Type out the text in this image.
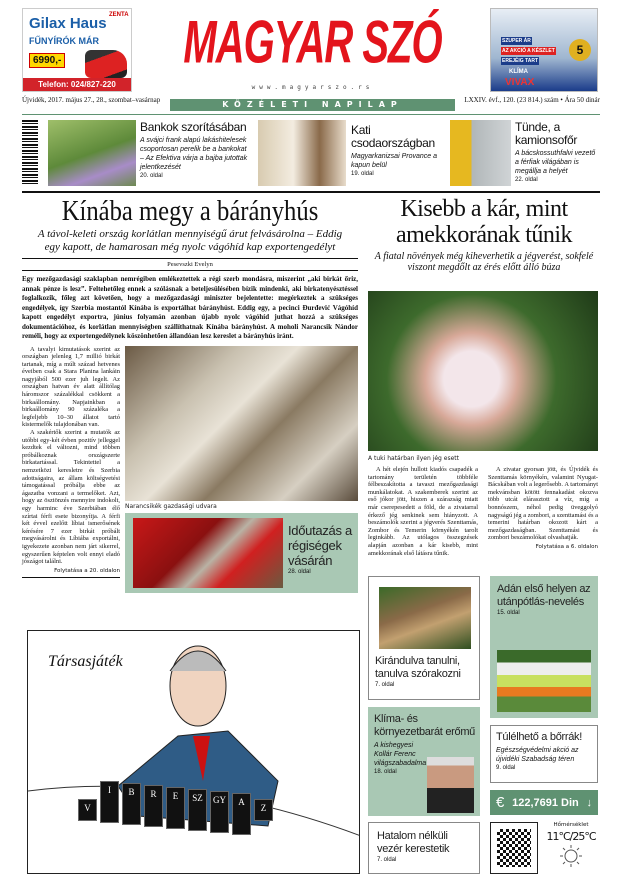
Gilax Haus ZENTA
FŰNYÍRÓK MÁR
6990,-
Telefon: 024/827-220
MAGYAR SZÓ
www.magyarszo.rs
SZUPER ÁR
AZ AKCIÓ A KÉSZLET
EREJÉIG TART
5
KLÍMA
VIVAX
Újvidék, 2017. május 27., 28., szombat–vasárnap	KÖZÉLETI NAPILAP	LXXIV. évf., 120. (23 814.) szám • Ára 50 dinár
Bankok szorításában
A svájci frank alapú lakáshitelesek csoportosan perelik be a bankokat – Az Efektiva várja a bajba jutottak jelentkezését
20. oldal
Kati csodaországban
Magyarkanizsai Provance a kapun belül
19. oldal
Tünde, a kamionsofőr
A bácskossuthfalvi vezető a férfiak világában is megállja a helyét
22. oldal
Kínába megy a bárányhús
A távol-keleti ország korlátlan mennyiségű árut felvásárolna – Eddig egy kapott, de hamarosan még nyolc vágóhíd kap exportengedélyt
Pesevszki Evelyn
Egy mezőgazdasági szaklapban nemrégiben emlékeztettek a régi szerb mondásra, miszerint „aki birkát őriz, annak pénze is lesz”. Feltehetőleg ennek a szólásnak a beteljesülésében bízik mindenki, aki birkatenyésztéssel foglalkozik, főleg azt követően, hogy a mezőgazdasági miniszter bejelentette: megérkeztek a szükséges engedélyek, így Szerbia mostantól Kínába is exportálhat bárányhúst. Eddig egy, a pecinci Đurđević Vágóhíd kapott engedélyt exportra, június folyamán azonban újabb nyolc vágóhíd juthat hozzá a szükséges dokumentációhoz, és korlátlan mennyiségben szállíthatnak Kínába bárányhúst. A moholi Narancsik Nándor reméli, hogy az exportengedélynek köszönhetően állandóan lesz kereslet a bárányhús iránt.

A tavalyi kimutatások szerint az országban jelenleg 1,7 millió birkát tartanak, míg a múlt század hetvenes éveiben csak a Stara Planina lankáin nagyjából 500 ezer juh legelt. Az országban hatvan év alatt állítólag háromszor százalékkal csökkent a birkaállomány. Napjainkban a birkaállomány 90 százaléka a legfeljebb 10–30 állatot tartó kistermelők tulajdonában van.

A szakértők szerint a mutatók az utóbbi egy-két évben pozitív jelleggel kezdtek el változni, mind többen próbálkoznak országszerte birkatartással. Tekintettel a nemzetközi keresletre és Szerbia adottságaira, az állam költségvetési támogatással próbálja ebbe az ágazatba vonzani a termelőket. Azt, hogy az ösztönzés mennyire indokolt, egy harminc éve Szerbiában élő szírtai férfi esete bizonyítja. A férfi két évvel ezelőtt líbiai ismerősének kérésére 7 ezer birkát próbált megvásárolni és Líbiába exportálni, igyekezete azonban nem járt sikerrel, egyszerűen képtelen volt ennyi eladó jószágot találni.

Folytatása a 20. oldalon
Narancsikék gazdasági udvara
Időutazás a régiségek vásárán
28. oldal
Társasjáték
V
I	B	R	E	SZ	GY	A
Z
Kisebb a kár, mint amekkorának tűnik
A fiatal növények még kiheverhetik a jégverést, sokfelé viszont megdőlt az érés előtt álló búza
A tuki határban ilyen jég esett

A hét elején hullott kiadós csapadék a tartomány területén többféle félbeszakította a tavaszi mezőgazdasági munkálatokat. A szakemberek szerint az eső jókor jött, hiszen a szárazság miatt már cserepesedett a föld, de a zivatarral érkező jég senkinek sem hiányzott. A beszámolók szerint a jégverés Szenttamás, Zombor és Temerin környékén tarolt leginkább. Az utólagos összegzések alapján azonban a kár kisebb, mint amekkorának első látásra tűnik.

A zivatar gyorsan jött, és Újvidék és Szenttamás környékén, valamint Nyugat-Bácskában volt a legerősebb. A tartományt mekvánsban kötött fennakadást okozva több utcát elárasztott a víz, míg a bonnószem, néhol pedig üveggolyó nagyságú jég a zombori, a szenttamási és a temerini határban okozott kárt a mezőgazdaságban. Szenttamási és zombori beszámolókat olvashatják.

Folytatása a 6. oldalon
Kirándulva tanulni, tanulva szórakozni
7. oldal
Adán első helyen az utánpótlás-nevelés
15. oldal
Klíma- és környezetbarát erőmű
A kishegyesi Kollár Ferenc világszabadalma
18. oldal
Túlélhető a bőrrák!
Egészségvédelmi akció az újvidéki Szabadság téren
9. oldal
€ 122,7691 Din ↓
Hatalom nélküli vezér kerestetik
7. oldal
Hőmérséklet
11°C/25°C
